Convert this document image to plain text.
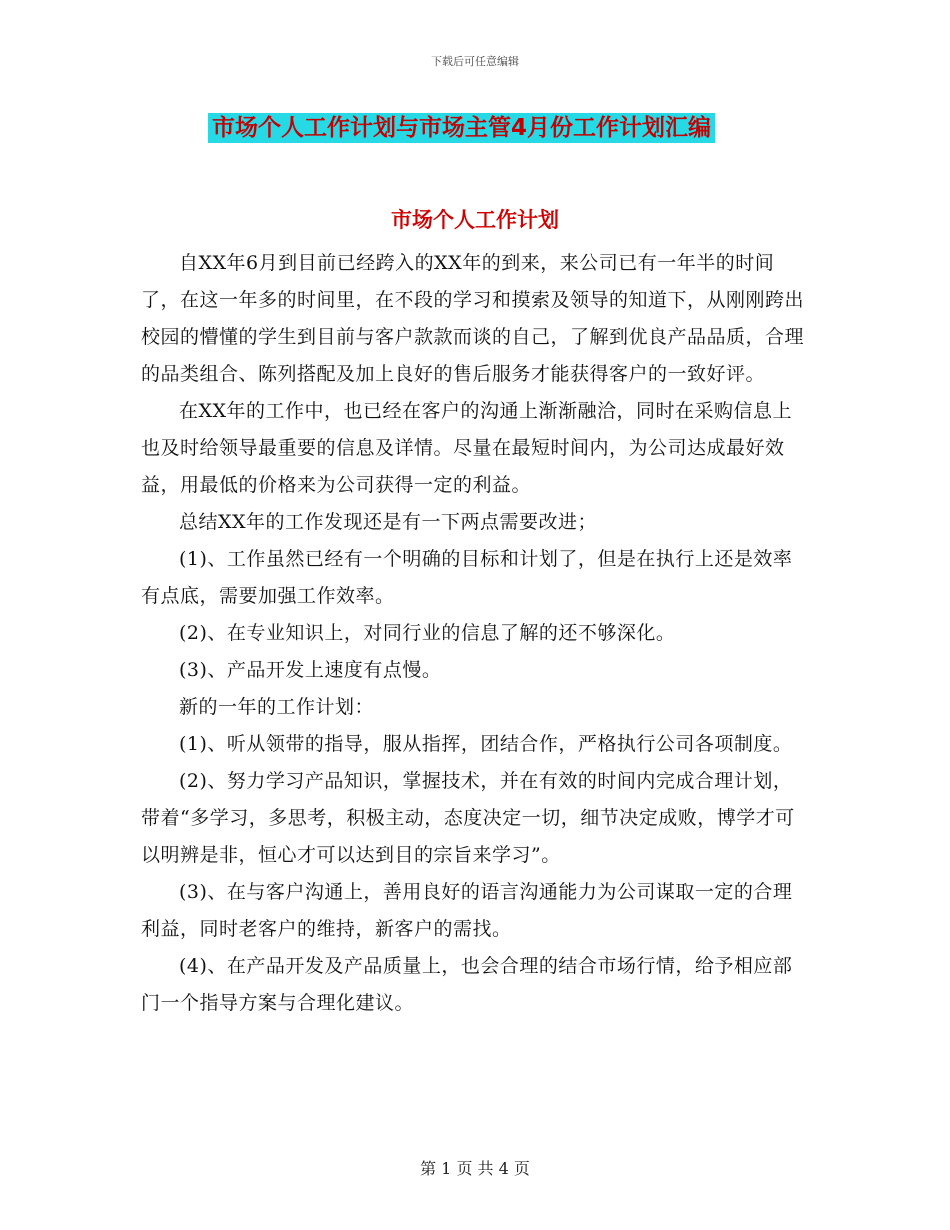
下载后可任意编辑
市场个人工作计划与市场主管4月份工作计划汇编
市场个人工作计划

自XX年6月到目前已经跨入的XX年的到来，来公司已有一年半的时间了，在这一年多的时间里，在不段的学习和摸索及领导的知道下，从刚刚跨出校园的懵懂的学生到目前与客户款款而谈的自己，了解到优良产品品质，合理的品类组合、陈列搭配及加上良好的售后服务才能获得客户的一致好评。

在XX年的工作中，也已经在客户的沟通上渐渐融洽，同时在采购信息上也及时给领导最重要的信息及详情。尽量在最短时间内，为公司达成最好效益，用最低的价格来为公司获得一定的利益。

总结XX年的工作发现还是有一下两点需要改进；

(1)、工作虽然已经有一个明确的目标和计划了，但是在执行上还是效率有点底，需要加强工作效率。

(2)、在专业知识上，对同行业的信息了解的还不够深化。

(3)、产品开发上速度有点慢。

新的一年的工作计划：

(1)、听从领带的指导，服从指挥，团结合作，严格执行公司各项制度。

(2)、努力学习产品知识，掌握技术，并在有效的时间内完成合理计划，带着“多学习，多思考，积极主动，态度决定一切，细节决定成败，博学才可以明辨是非，恒心才可以达到目的宗旨来学习”。

(3)、在与客户沟通上，善用良好的语言沟通能力为公司谋取一定的合理利益，同时老客户的维持，新客户的需找。

(4)、在产品开发及产品质量上，也会合理的结合市场行情，给予相应部门一个指导方案与合理化建议。

第 1 页 共 4 页
